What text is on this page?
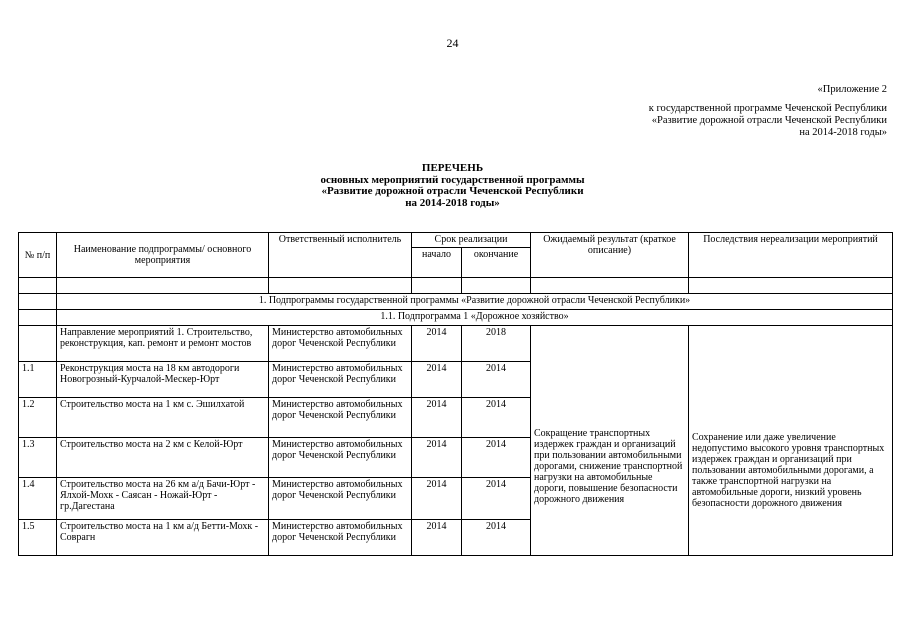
24
«Приложение 2
к государственной программе Чеченской Республики
«Развитие дорожной отрасли Чеченской Республики
на 2014-2018 годы»
ПЕРЕЧЕНЬ
основных мероприятий государственной программы
«Развитие дорожной отрасли Чеченской Республики
на 2014-2018 годы»
№ п/п	Наименование подпрограммы/ основного мероприятия	Ответственный исполнитель	Срок реализации		Ожидаемый результат (краткое описание)	Последствия нереализации мероприятий
			начало	окончание		

	1. Подпрограммы государственной программы «Развитие дорожной отрасли Чеченской Республики»					
	1.1. Подпрограмма 1 «Дорожное хозяйство»					
	Направление мероприятий 1. Строительство, реконструкция, кап. ремонт и ремонт мостов	Министерство автомобильных дорог Чеченской Республики	2014	2018	Сокращение транспортных издержек граждан и организаций при пользовании автомобильными дорогами, снижение транспортной нагрузки на автомобильные дороги, повышение безопасности дорожного движения	Сохранение или даже увеличение недопустимо высокого уровня транспортных издержек граждан и организаций при пользовании автомобильными дорогами, а также транспортной нагрузки на автомобильные дороги, низкий уровень безопасности дорожного движения
1.1	Реконструкция моста на 18 км автодороги Новогрозный-Курчалой-Мескер-Юрт	Министерство автомобильных дорог Чеченской Республики	2014	2014		
1.2	Строительство моста на 1 км с. Эшилхатой	Министерство автомобильных дорог Чеченской Республики	2014	2014		
1.3	Строительство моста на 2 км с Келой-Юрт	Министерство автомобильных дорог Чеченской Республики	2014	2014		
1.4	Строительство моста на 26 км а/д Бачи-Юрт - Ялхой-Мохк - Саясан - Ножай-Юрт - гр.Дагестана	Министерство автомобильных дорог Чеченской Республики	2014	2014		
1.5	Строительство моста на 1 км а/д Бетти-Мохк - Соврагн	Министерство автомобильных дорог Чеченской Республики	2014	2014		
